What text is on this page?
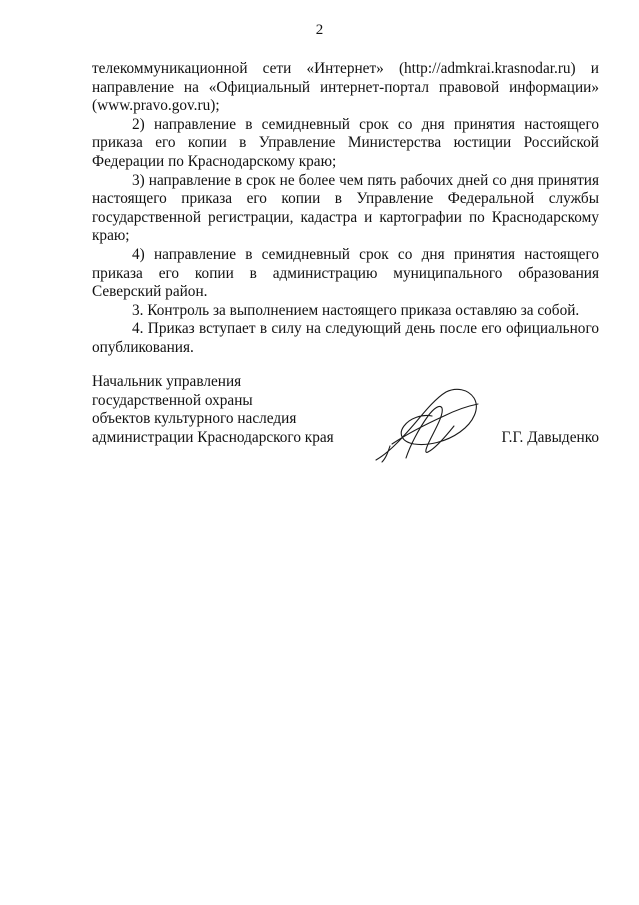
2

телекоммуникационной сети «Интернет» (http://admkrai.krasnodar.ru) и направление на «Официальный интернет-портал правовой информации» (www.pravo.gov.ru);

2) направление в семидневный срок со дня принятия настоящего приказа его копии в Управление Министерства юстиции Российской Федерации по Краснодарскому краю;

3) направление в срок не более чем пять рабочих дней со дня принятия настоящего приказа его копии в Управление Федеральной службы государственной регистрации, кадастра и картографии по Краснодарскому краю;

4) направление в семидневный срок со дня принятия настоящего приказа его копии в администрацию муниципального образования Северский район.

3. Контроль за выполнением настоящего приказа оставляю за собой.

4. Приказ вступает в силу на следующий день после его официального опубликования.

Начальник управления
государственной охраны
объектов культурного наследия
администрации Краснодарского края	Г.Г. Давыденко
